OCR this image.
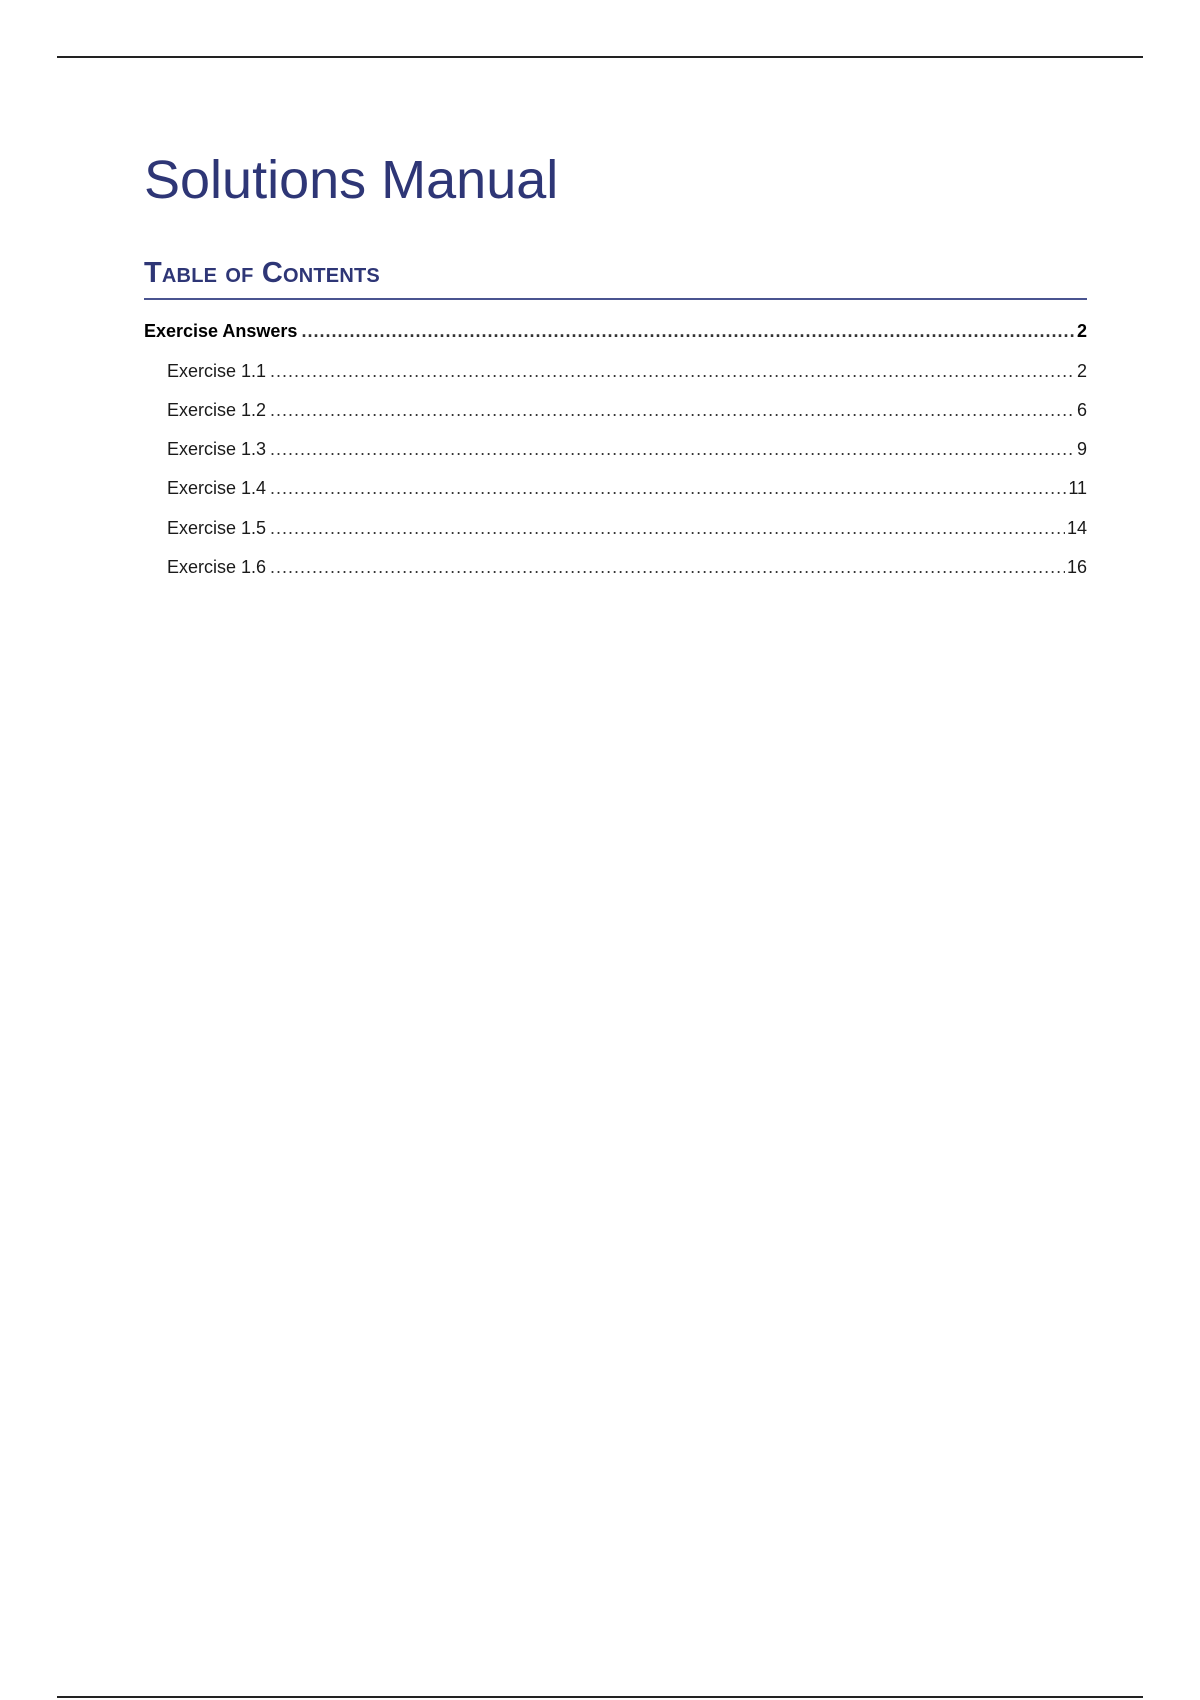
Solutions Manual
Table of Contents
Exercise Answers .....	2
Exercise 1.1 .....	2
Exercise 1.2 .....	6
Exercise 1.3 .....	9
Exercise 1.4 .....	11
Exercise 1.5 .....	14
Exercise 1.6 .....	16
